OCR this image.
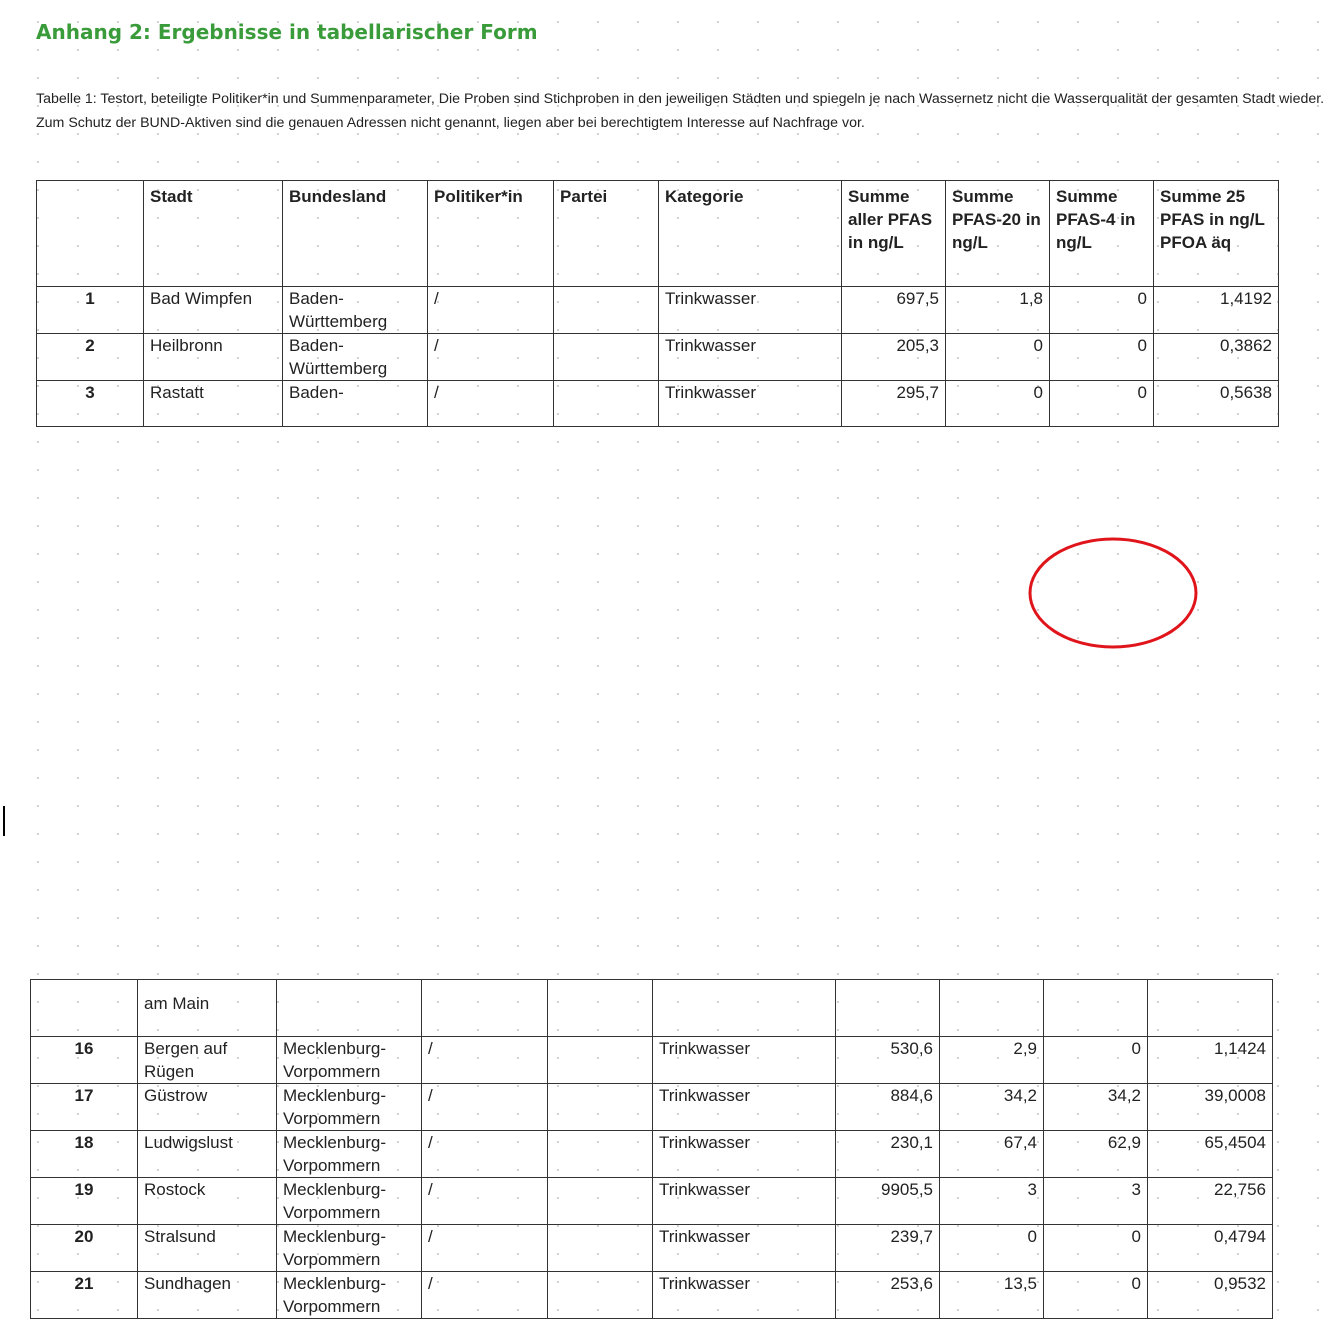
Anhang 2: Ergebnisse in tabellarischer Form
Tabelle 1: Testort, beteiligte Politiker*in und Summenparameter, Die Proben sind Stichproben in den jeweiligen Städten und spiegeln je nach Wassernetz nicht die Wasserqualität der gesamten Stadt wieder. Zum Schutz der BUND-Aktiven sind die genauen Adressen nicht genannt, liegen aber bei berechtigtem Interesse auf Nachfrage vor.
	Stadt	Bundesland	Politiker*in	Partei	Kategorie	Summe aller PFAS in ng/L	Summe PFAS-20 in ng/L	Summe PFAS-4 in ng/L	Summe 25 PFAS in ng/L PFOA äq
1	Bad Wimpfen	Baden-Württemberg	/		Trinkwasser	697,5	1,8	0	1,4192
2	Heilbronn	Baden-Württemberg	/		Trinkwasser	205,3	0	0	0,3862
3	Rastatt	Baden-	/		Trinkwasser	295,7	0	0	0,5638
	am Main								
16	Bergen auf Rügen	Mecklenburg-Vorpommern	/		Trinkwasser	530,6	2,9	0	1,1424
17	Güstrow	Mecklenburg-Vorpommern	/		Trinkwasser	884,6	34,2	34,2	39,0008
18	Ludwigslust	Mecklenburg-Vorpommern	/		Trinkwasser	230,1	67,4	62,9	65,4504
19	Rostock	Mecklenburg-Vorpommern	/		Trinkwasser	9905,5	3	3	22,756
20	Stralsund	Mecklenburg-Vorpommern	/		Trinkwasser	239,7	0	0	0,4794
21	Sundhagen	Mecklenburg-Vorpommern	/		Trinkwasser	253,6	13,5	0	0,9532
